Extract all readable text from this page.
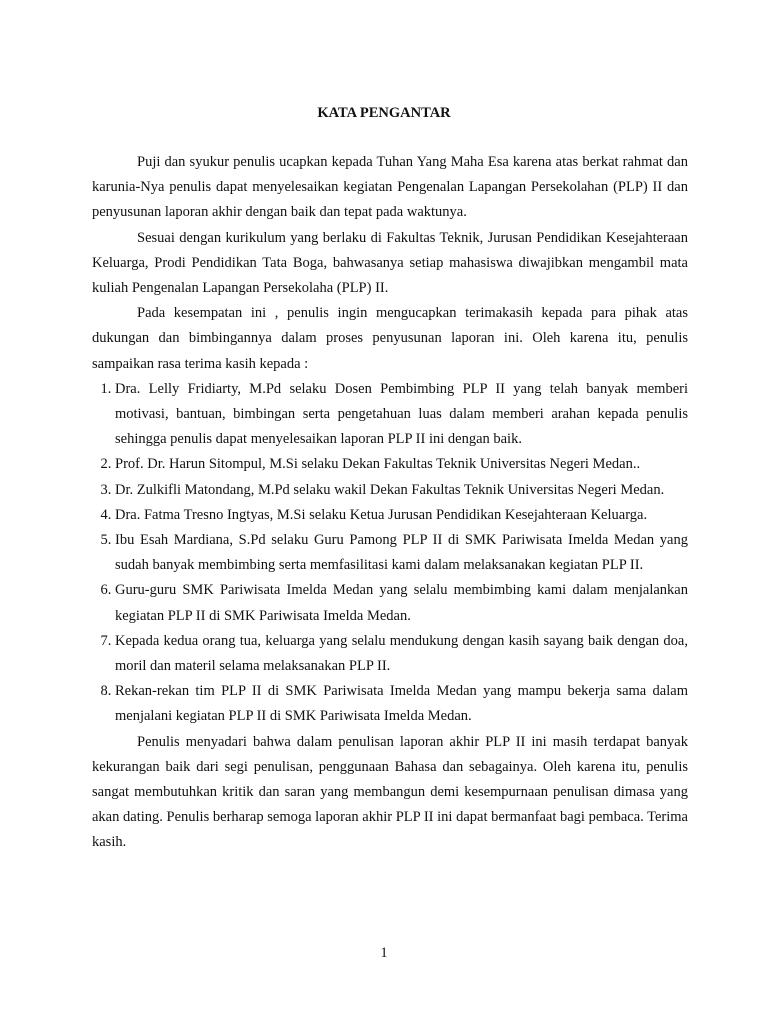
KATA PENGANTAR

Puji dan syukur penulis ucapkan kepada Tuhan Yang Maha Esa karena atas berkat rahmat dan karunia-Nya penulis dapat menyelesaikan kegiatan Pengenalan Lapangan Persekolahan (PLP) II dan penyusunan laporan akhir dengan baik dan tepat pada waktunya.

Sesuai dengan kurikulum yang berlaku di Fakultas Teknik, Jurusan Pendidikan Kesejahteraan Keluarga, Prodi Pendidikan Tata Boga, bahwasanya setiap mahasiswa diwajibkan mengambil mata kuliah Pengenalan Lapangan Persekolaha (PLP) II.

Pada kesempatan ini , penulis ingin mengucapkan terimakasih kepada para pihak atas dukungan dan bimbingannya dalam proses penyusunan laporan ini. Oleh karena itu, penulis sampaikan rasa terima kasih kepada :

1. Dra. Lelly Fridiarty, M.Pd selaku Dosen Pembimbing PLP II yang telah banyak memberi motivasi, bantuan, bimbingan serta pengetahuan luas dalam memberi arahan kepada penulis sehingga penulis dapat menyelesaikan laporan PLP II ini dengan baik.
2. Prof. Dr. Harun Sitompul, M.Si selaku Dekan Fakultas Teknik Universitas Negeri Medan..
3. Dr. Zulkifli Matondang, M.Pd selaku wakil Dekan Fakultas Teknik Universitas Negeri Medan.
4. Dra. Fatma Tresno Ingtyas, M.Si selaku Ketua Jurusan Pendidikan Kesejahteraan Keluarga.
5. Ibu Esah Mardiana, S.Pd selaku Guru Pamong PLP II di SMK Pariwisata Imelda Medan yang sudah banyak membimbing serta memfasilitasi kami dalam melaksanakan kegiatan PLP II.
6. Guru-guru SMK Pariwisata Imelda Medan yang selalu membimbing kami dalam menjalankan kegiatan PLP II di SMK Pariwisata Imelda Medan.
7. Kepada kedua orang tua, keluarga yang selalu mendukung dengan kasih sayang baik dengan doa, moril dan materil selama melaksanakan PLP II.
8. Rekan-rekan tim PLP II di SMK Pariwisata Imelda Medan yang mampu bekerja sama dalam menjalani kegiatan PLP II di SMK Pariwisata Imelda Medan.

Penulis menyadari bahwa dalam penulisan laporan akhir PLP II ini masih terdapat banyak kekurangan baik dari segi penulisan, penggunaan Bahasa dan sebagainya. Oleh karena itu, penulis sangat membutuhkan kritik dan saran yang membangun demi kesempurnaan penulisan dimasa yang akan dating. Penulis berharap semoga laporan akhir PLP II ini dapat bermanfaat bagi pembaca. Terima kasih.

1
